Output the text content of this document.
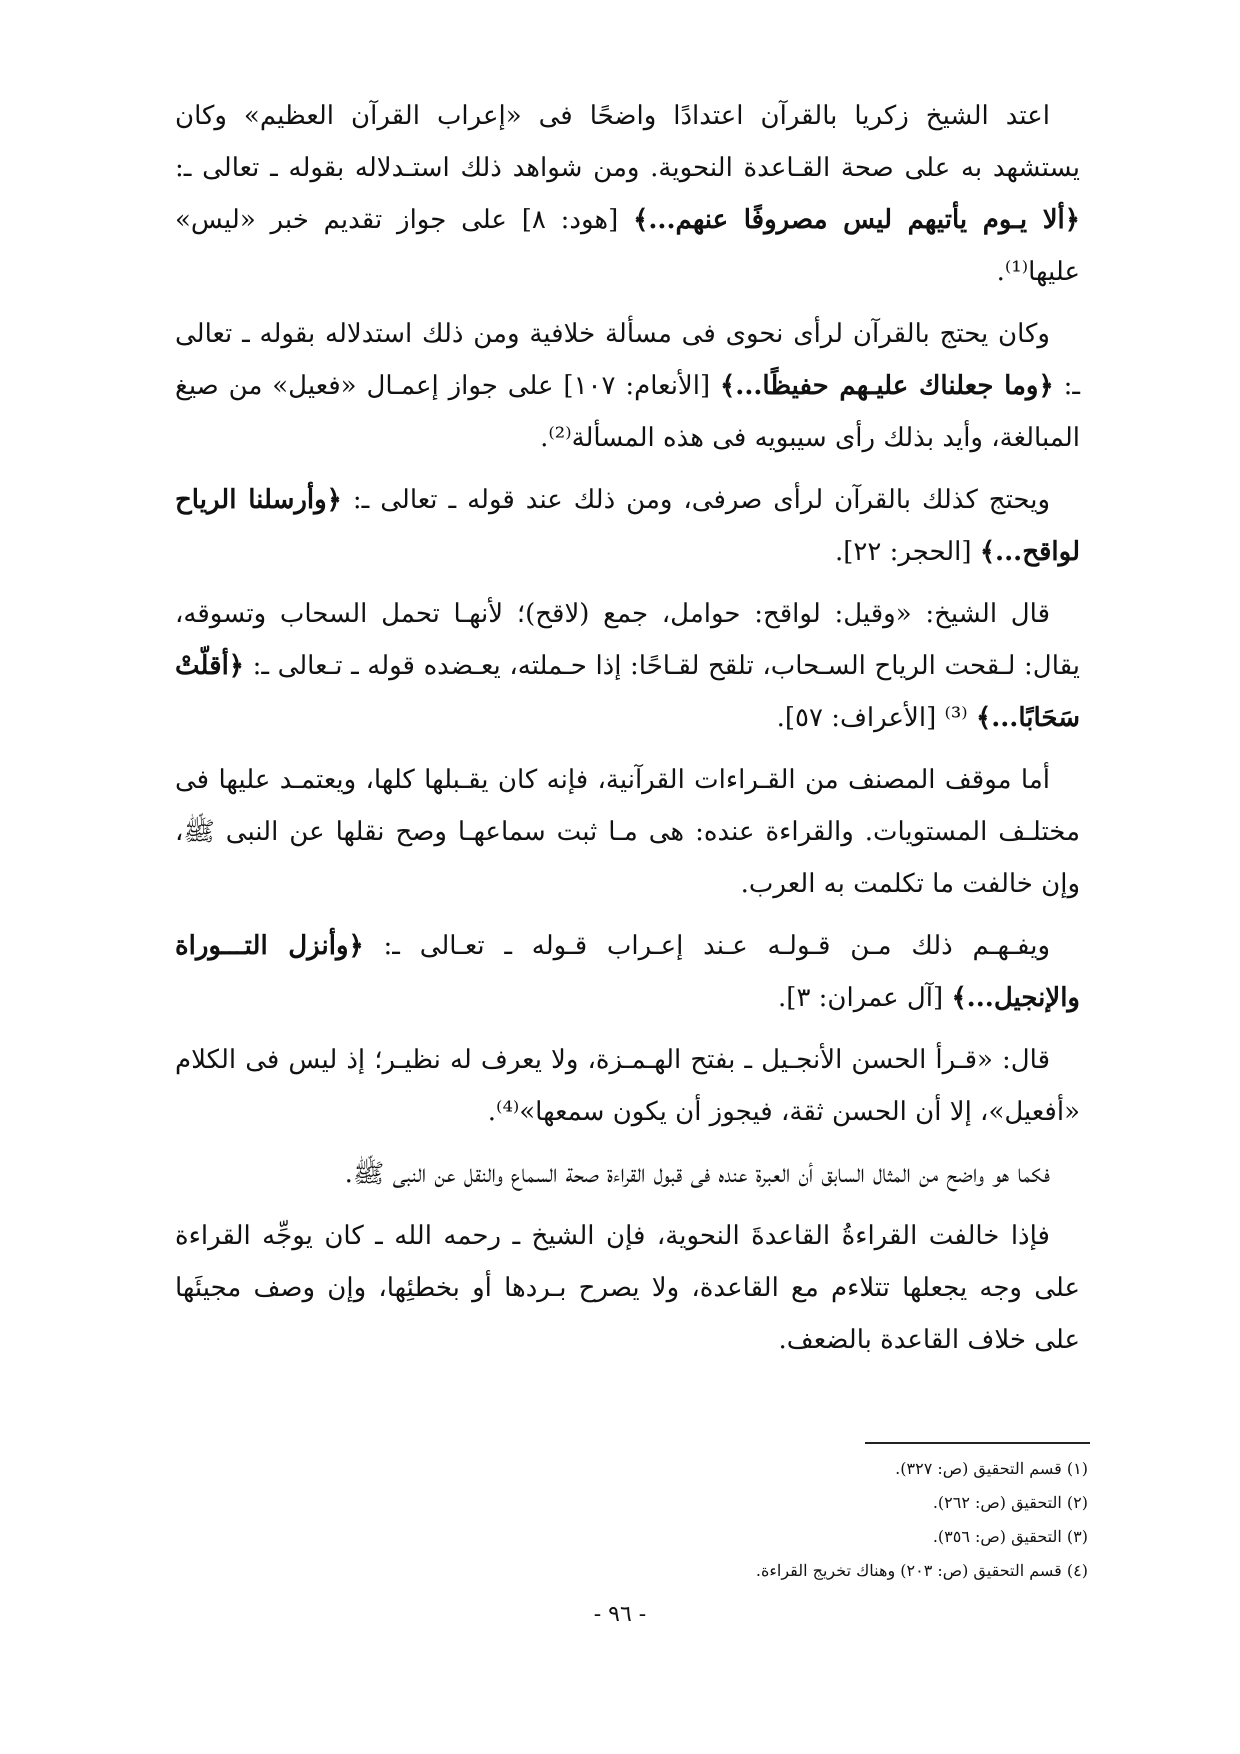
اعتد الشيخ زكريا بالقرآن اعتدادًا واضحًا فى «إعراب القرآن العظيم» وكان يستشهد به على صحة القـاعدة النحوية. ومن شواهد ذلك استـدلاله بقوله ـ تعالى ـ: ﴿ألا يـوم يأتيهم ليس مصروفًا عنهم...﴾ [هود: ٨] على جواز تقديم خبر «ليس» عليها⁽¹⁾.

وكان يحتج بالقرآن لرأى نحوى فى مسألة خلافية ومن ذلك استدلاله بقوله ـ تعالى ـ: ﴿وما جعلناك عليـهم حفيظًا...﴾ [الأنعام: ١٠٧] على جواز إعمـال «فعيل» من صيغ المبالغة، وأيد بذلك رأى سيبويه فى هذه المسألة⁽²⁾.

ويحتج كذلك بالقرآن لرأى صرفى، ومن ذلك عند قوله ـ تعالى ـ: ﴿وأرسلنا الرياح لواقح...﴾ [الحجر: ٢٢].

قال الشيخ: «وقيل: لواقح: حوامل، جمع (لاقح)؛ لأنهـا تحمل السحاب وتسوقه، يقال: لـقحت الرياح السـحاب، تلقح لقـاحًا: إذا حـملته، يعـضده قوله ـ تـعالى ـ: ﴿أقلّتْ سَحَابًا...﴾ ⁽³⁾ [الأعراف: ٥٧].

أما موقف المصنف من القـراءات القرآنية، فإنه كان يقـبلها كلها، ويعتمـد عليها فى مختلـف المستويات. والقراءة عنده: هى مـا ثبت سماعهـا وصح نقلها عن النبى ﷺ، وإن خالفت ما تكلمت به العرب.

ويفـهـم ذلك مـن قـولـه عـند إعـراب قـوله ـ تعـالى ـ: ﴿وأنزل التـــوراة والإنجيل...﴾ [آل عمران: ٣].

قال: «قـرأ الحسن الأنجـيل ـ بفتح الهـمـزة، ولا يعرف له نظيـر؛ إذ ليس فى الكلام «أفعيل»، إلا أن الحسن ثقة، فيجوز أن يكون سمعها»⁽⁴⁾.

فكما هو واضح من المثال السابق أن العبرة عنده فى قبول القراءة صحة السماع والنقل عن النبى ﷺ.

فإذا خالفت القراءةُ القاعدةَ النحوية، فإن الشيخ ـ رحمه الله ـ كان يوجِّه القراءة على وجه يجعلها تتلاءم مع القاعدة، ولا يصرح بـردها أو بخطئِها، وإن وصف مجيئَها على خلاف القاعدة بالضعف.

(١) قسم التحقيق (ص: ٣٢٧).

(٢) التحقيق (ص: ٢٦٢).

(٣) التحقيق (ص: ٣٥٦).

(٤) قسم التحقيق (ص: ٢٠٣) وهناك تخريج القراءة.

- ٩٦ -
